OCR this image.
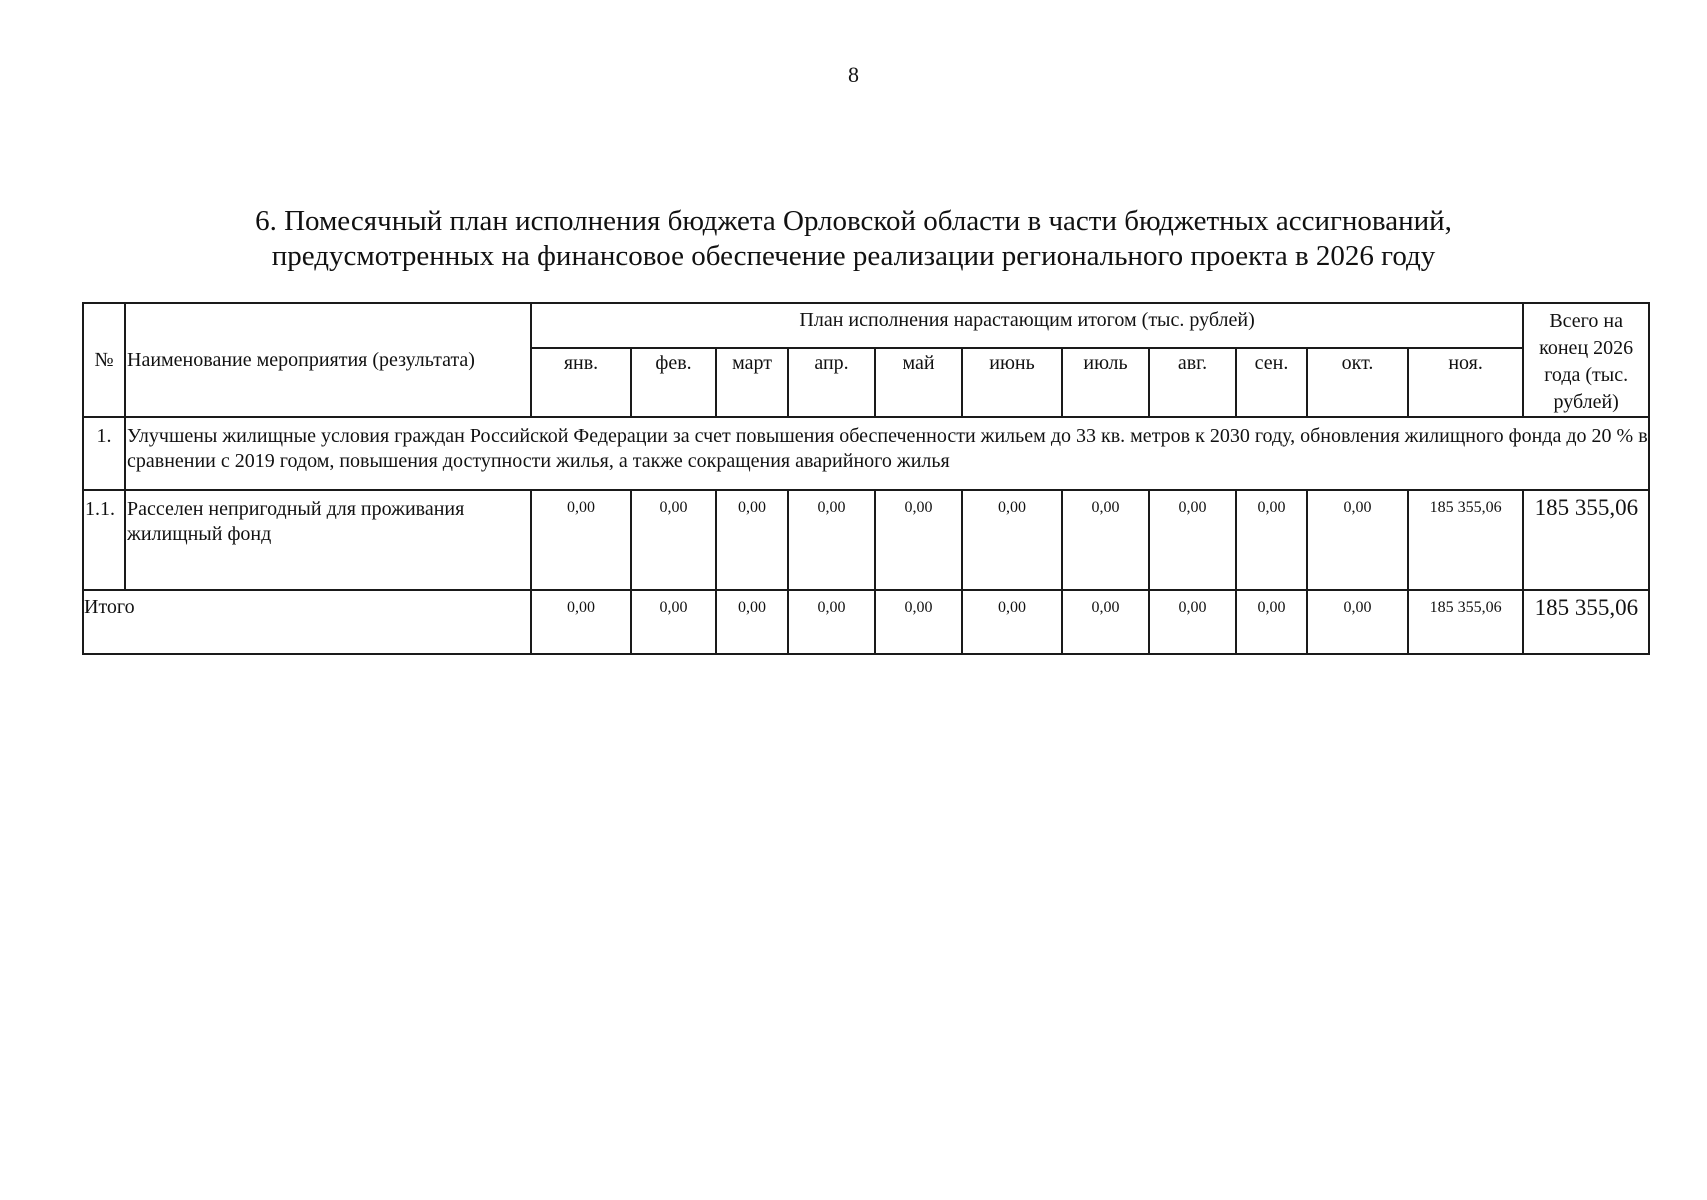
8
6. Помесячный план исполнения бюджета Орловской области в части бюджетных ассигнований,
предусмотренных на финансовое обеспечение реализации регионального проекта в 2026 году
№	Наименование мероприятия (результата)	План исполнения нарастающим итогом (тыс. рублей)											Всего на конец 2026 года (тыс. рублей)
		янв.	фев.	март	апр.	май	июнь	июль	авг.	сен.	окт.	ноя.	
1.	Улучшены жилищные условия граждан Российской Федерации за счет повышения обеспеченности жильем до 33 кв. метров к 2030 году, обновления жилищного фонда до 20 % в сравнении с 2019 годом, повышения доступности жилья, а также сокращения аварийного жилья												
1.1.	Расселен непригодный для проживания жилищный фонд	0,00	0,00	0,00	0,00	0,00	0,00	0,00	0,00	0,00	0,00	185 355,06	185 355,06
Итого		0,00	0,00	0,00	0,00	0,00	0,00	0,00	0,00	0,00	0,00	185 355,06	185 355,06
